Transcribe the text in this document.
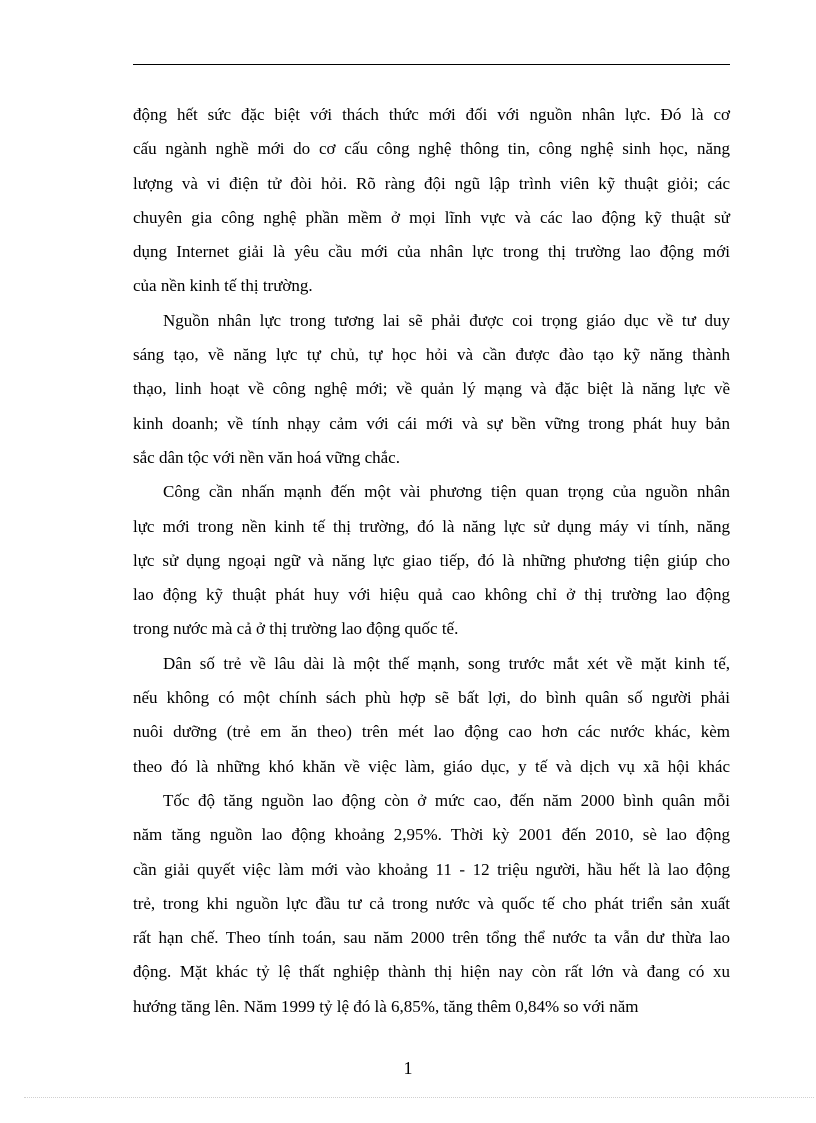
động hết sức đặc biệt với thách thức mới đối với nguồn nhân lực. Đó là cơ
cấu ngành nghề mới do cơ cấu công nghệ thông tin, công nghệ sinh học, năng
lượng và vi điện tử đòi hỏi. Rõ ràng đội ngũ lập trình viên kỹ thuật giỏi; các
chuyên gia công nghệ phần mềm ở mọi lĩnh vực và các lao động kỹ thuật sử
dụng Internet giải là yêu cầu mới của nhân lực trong thị trường lao động mới
của nền kinh tế thị trường.

Nguồn nhân lực trong tương lai sẽ phải được coi trọng giáo dục về tư duy
sáng tạo, về năng lực tự chủ, tự học hỏi và cần được đào tạo kỹ năng thành
thạo, linh hoạt về công nghệ mới; về quản lý mạng và đặc biệt là năng lực về
kinh doanh; về tính nhạy cảm với cái mới và sự bền vững trong phát huy bản
sắc dân tộc với nền văn hoá vững chắc.

Công cần nhấn mạnh đến một vài phương tiện quan trọng của nguồn nhân
lực mới trong nền kinh tế thị trường, đó là năng lực sử dụng máy vi tính, năng
lực sử dụng ngoại ngữ và năng lực giao tiếp, đó là những phương tiện giúp cho
lao động kỹ thuật phát huy với hiệu quả cao không chỉ ở thị trường lao động
trong nước mà cả ở thị trường lao động quốc tế.

Dân số trẻ về lâu dài là một thế mạnh, song trước mắt xét về mặt kinh tế,
nếu không có một chính sách phù hợp sẽ bất lợi, do bình quân số người phải
nuôi dưỡng (trẻ em ăn theo) trên mét lao động cao hơn các nước khác, kèm
theo đó là những khó khăn về việc làm, giáo dục, y tế và dịch vụ xã hội khác

Tốc độ tăng nguồn lao động còn ở mức cao, đến năm 2000 bình quân mỗi
năm tăng nguồn lao động khoảng 2,95%. Thời kỳ 2001 đến 2010, sè lao động
cần giải quyết việc làm mới vào khoảng 11 - 12 triệu người, hầu hết là lao động
trẻ, trong khi nguồn lực đầu tư cả trong nước và quốc tế cho phát triển sản xuất
rất hạn chế. Theo tính toán, sau năm 2000 trên tổng thể nước ta vẫn dư thừa lao
động. Mặt khác tỷ lệ thất nghiệp thành thị hiện nay còn rất lớn và đang có xu
hướng tăng lên. Năm 1999 tỷ lệ đó là 6,85%, tăng thêm 0,84% so với năm

1
